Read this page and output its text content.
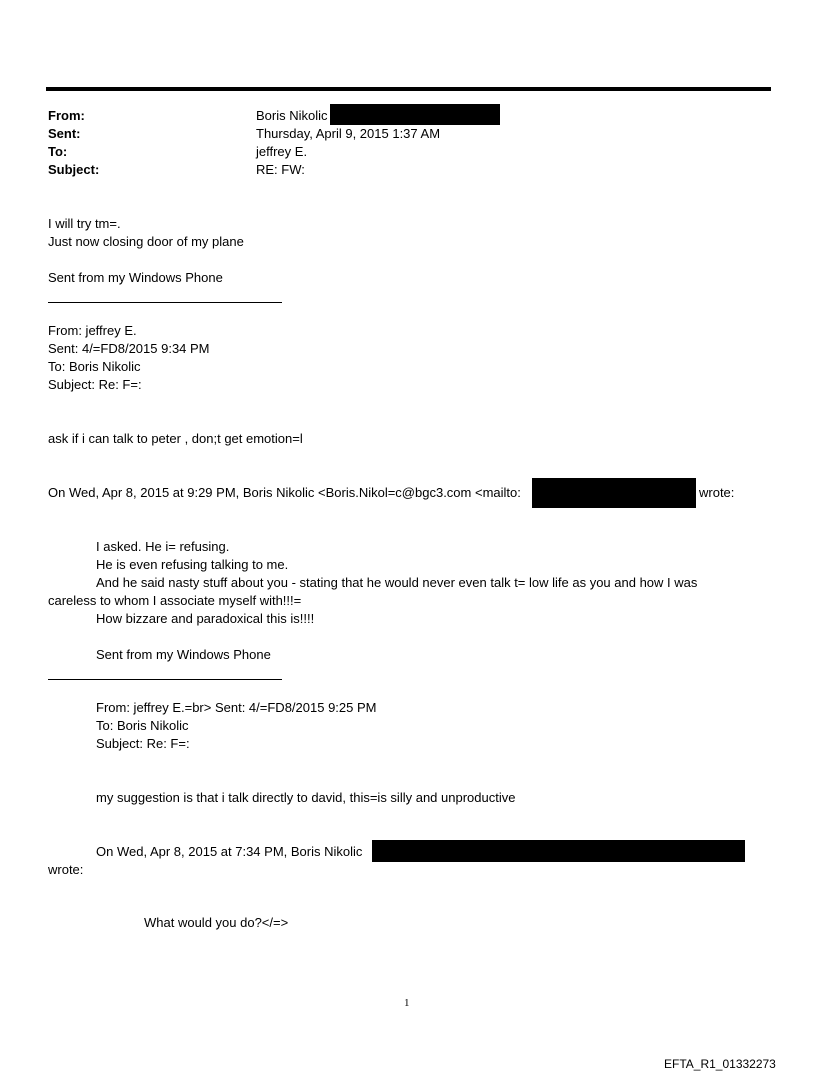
From:	Boris Nikolic
Sent:	Thursday, April 9, 2015 1:37 AM
To:	jeffrey E.
Subject:	RE: FW:
I will try tm=.
Just now closing door of my plane
Sent from my Windows Phone
From: jeffrey E.
Sent: 4/=FD8/2015 9:34 PM
To: Boris Nikolic
Subject: Re: F=:
ask if i can talk to peter , don;t get emotion=l
On Wed, Apr 8, 2015 at 9:29 PM, Boris Nikolic <Boris.Nikol=c@bgc3.com <mailto:	wrote:
I asked. He i= refusing.
He is even refusing talking to me.
And he said nasty stuff about you - stating that he would never even talk t= low life as you and how I was
careless to whom I associate myself with!!!=
How bizzare and paradoxical this is!!!!
Sent from my Windows Phone
From: jeffrey E.=br> Sent: 4/=FD8/2015 9:25 PM
To: Boris Nikolic
Subject: Re: F=:
my suggestion is that i talk directly to david, this=is silly and unproductive
On Wed, Apr 8, 2015 at 7:34 PM, Boris Nikolic
wrote:
What would you do?</=>
1
EFTA_R1_01332273
